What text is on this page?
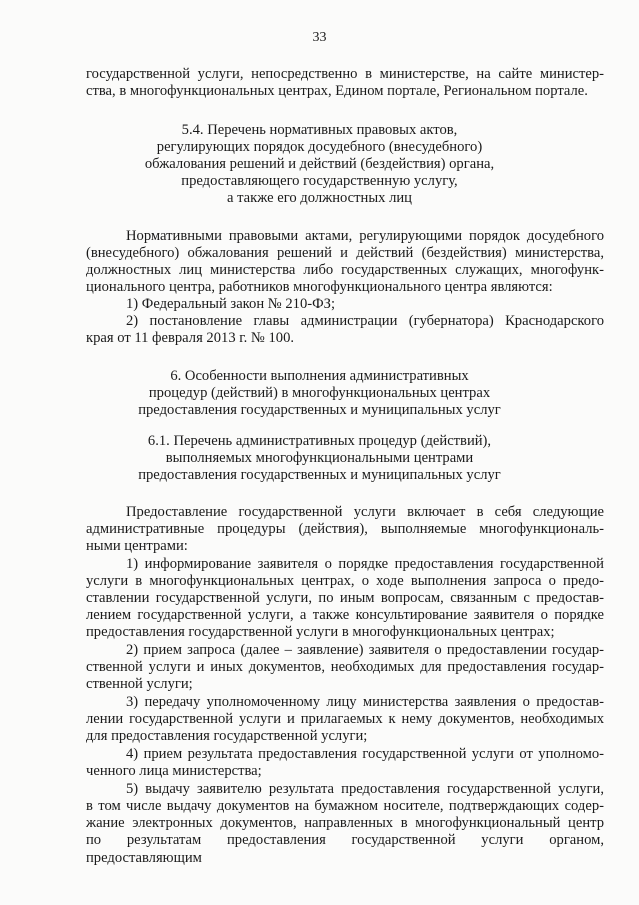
33
государственной услуги, непосредственно в министерстве, на сайте министер-
ства, в многофункциональных центрах, Едином портале, Региональном портале.
5.4. Перечень нормативных правовых актов,
регулирующих порядок досудебного (внесудебного)
обжалования решений и действий (бездействия) органа,
предоставляющего государственную услугу,
а также его должностных лиц
Нормативными правовыми актами, регулирующими порядок досудебного
(внесудебного) обжалования решений и действий (бездействия) министерства,
должностных лиц министерства либо государственных служащих, многофунк-
ционального центра, работников многофункционального центра являются:
1) Федеральный закон № 210-ФЗ;
2) постановление главы администрации (губернатора) Краснодарского
края от 11 февраля 2013 г. № 100.
6. Особенности выполнения административных
процедур (действий) в многофункциональных центрах
предоставления государственных и муниципальных услуг
6.1. Перечень административных процедур (действий),
выполняемых многофункциональными центрами
предоставления государственных и муниципальных услуг
Предоставление государственной услуги включает в себя следующие
административные процедуры (действия), выполняемые многофункциональ-
ными центрами:
1) информирование заявителя о порядке предоставления государственной
услуги в многофункциональных центрах, о ходе выполнения запроса о предо-
ставлении государственной услуги, по иным вопросам, связанным с предостав-
лением государственной услуги, а также консультирование заявителя о порядке
предоставления государственной услуги в многофункциональных центрах;
2) прием запроса (далее – заявление) заявителя о предоставлении государ-
ственной услуги и иных документов, необходимых для предоставления государ-
ственной услуги;
3) передачу уполномоченному лицу министерства заявления о предостав-
лении государственной услуги и прилагаемых к нему документов, необходимых
для предоставления государственной услуги;
4) прием результата предоставления государственной услуги от уполномо-
ченного лица министерства;
5) выдачу заявителю результата предоставления государственной услуги,
в том числе выдачу документов на бумажном носителе, подтверждающих содер-
жание электронных документов, направленных в многофункциональный центр
по результатам предоставления государственной услуги органом, предоставляющим
